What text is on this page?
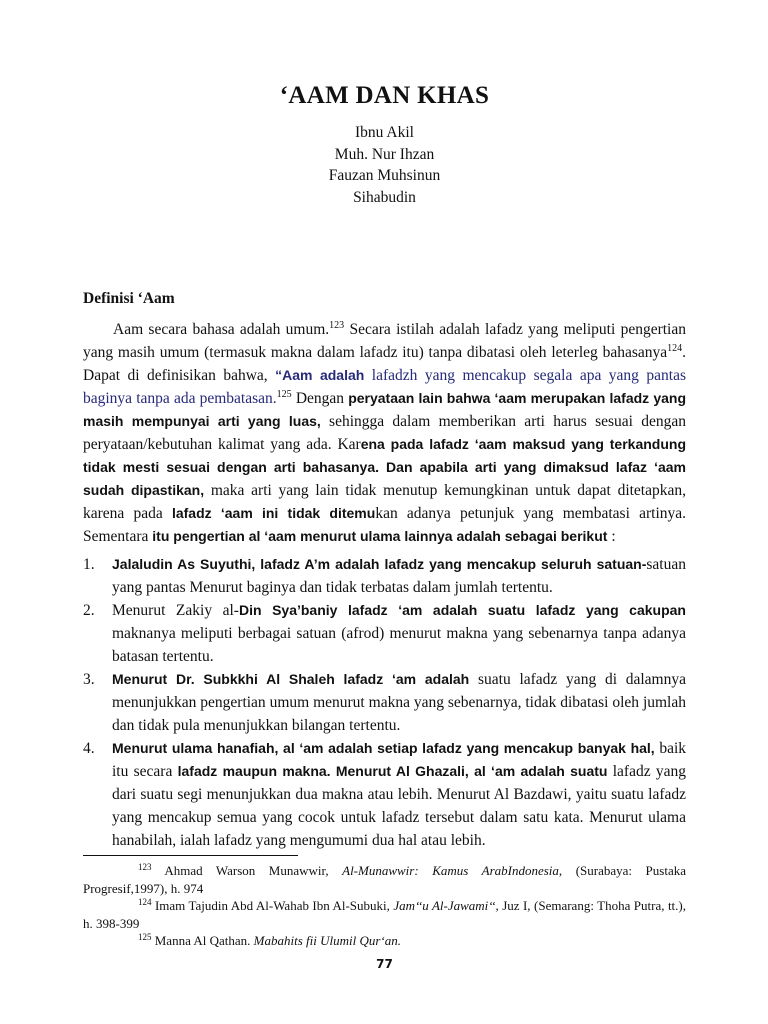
‘AAM DAN KHAS
Ibnu Akil
Muh. Nur Ihzan
Fauzan Muhsinun
Sihabudin
Definisi ‘Aam

Aam secara bahasa adalah umum.$^{123}$ Secara istilah adalah lafadz yang meliputi pengertian yang masih umum (termasuk makna dalam lafadz itu) tanpa dibatasi oleh leterleg bahasanya$^{124}$. Dapat di definisikan bahwa, “Aam adalah lafadzh yang mencakup segala apa yang pantas baginya tanpa ada pembatasan.$^{125}$ Dengan peryataan lain bahwa ‘aam merupakan lafadz yang masih mempunyai arti yang luas, sehingga dalam memberikan arti harus sesuai dengan peryataan/kebutuhan kalimat yang ada. Karena pada lafadz ‘aam maksud yang terkandung tidak mesti sesuai dengan arti bahasanya. Dan apabila arti yang dimaksud lafaz ‘aam sudah dipastikan, maka arti yang lain tidak menutup kemungkinan untuk dapat ditetapkan, karena pada lafadz ‘aam ini tidak ditemukan adanya petunjuk yang membatasi artinya. Sementara itu pengertian al ‘aam menurut ulama lainnya adalah sebagai berikut :

1. Jalaludin As Suyuthi, lafadz A’m adalah lafadz yang mencakup seluruh satuan-satuan yang pantas Menurut baginya dan tidak terbatas dalam jumlah tertentu.
2. Menurut Zakiy al-Din Sya’baniy lafadz ‘am adalah suatu lafadz yang cakupan maknanya meliputi berbagai satuan (afrod) menurut makna yang sebenarnya tanpa adanya batasan tertentu.
3. Menurut Dr. Subkkhi Al Shaleh lafadz ‘am adalah suatu lafadz yang di dalamnya menunjukkan pengertian umum menurut makna yang sebenarnya, tidak dibatasi oleh jumlah dan tidak pula menunjukkan bilangan tertentu.
4. Menurut ulama hanafiah, al ‘am adalah setiap lafadz yang mencakup banyak hal, baik itu secara lafadz maupun makna. Menurut Al Ghazali, al ‘am adalah suatu lafadz yang dari suatu segi menunjukkan dua makna atau lebih. Menurut Al Bazdawi, yaitu suatu lafadz yang mencakup semua yang cocok untuk lafadz tersebut dalam satu kata. Menurut ulama hanabilah, ialah lafadz yang mengumumi dua hal atau lebih.

$^{123}$ Ahmad Warson Munawwir, Al-Munawwir: Kamus ArabIndonesia, (Surabaya: Pustaka Progresif,1997), h. 974

$^{124}$ Imam Tajudin Abd Al-Wahab Ibn Al-Subuki, Jam‘‘u Al-Jawami‘‘, Juz I, (Semarang: Thoha Putra, tt.), h. 398-399

$^{125}$ Manna Al Qathan. Mabahits fii Ulumil Qur‘an.

77
